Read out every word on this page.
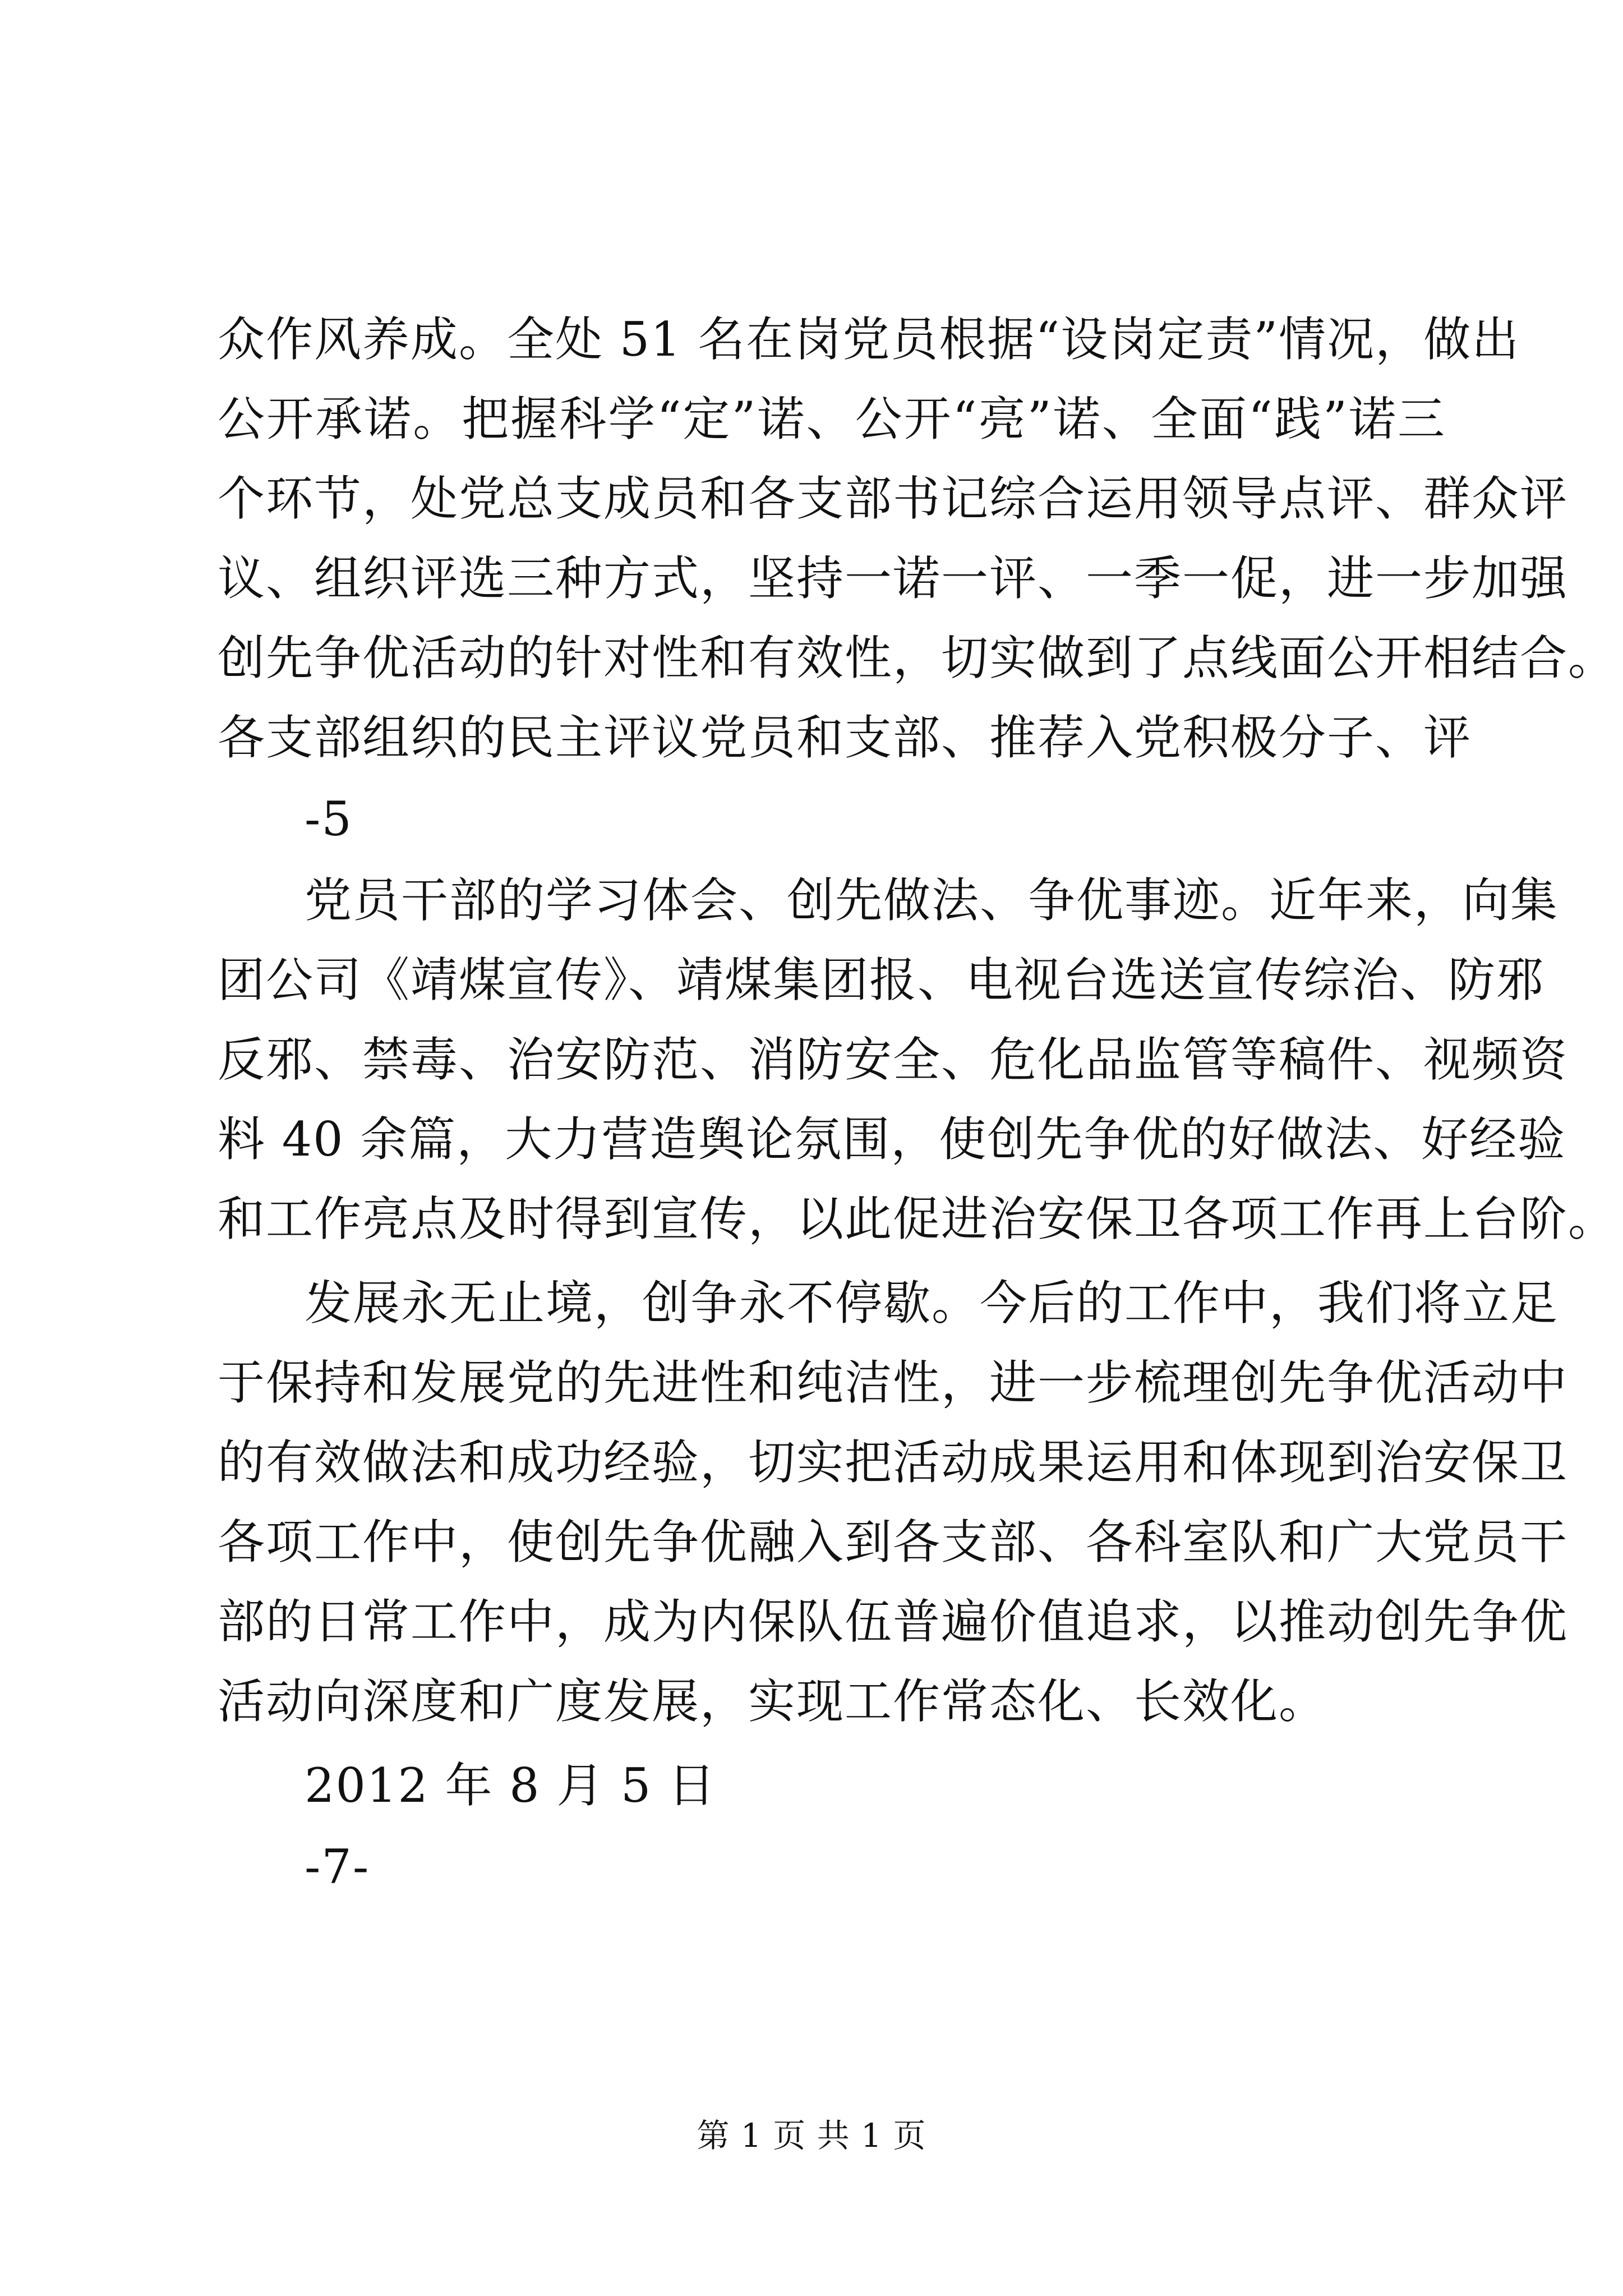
众作风养成。全处 51 名在岗党员根据“设岗定责”情况，做出
公开承诺。把握科学“定”诺、公开“亮”诺、全面“践”诺三
个环节，处党总支成员和各支部书记综合运用领导点评、群众评
议、组织评选三种方式，坚持一诺一评、一季一促，进一步加强
创先争优活动的针对性和有效性，切实做到了点线面公开相结合。
各支部组织的民主评议党员和支部、推荐入党积极分子、评
-5
党员干部的学习体会、创先做法、争优事迹。近年来，向集
团公司《靖煤宣传》、靖煤集团报、电视台选送宣传综治、防邪
反邪、禁毒、治安防范、消防安全、危化品监管等稿件、视频资
料 40 余篇，大力营造舆论氛围，使创先争优的好做法、好经验
和工作亮点及时得到宣传，以此促进治安保卫各项工作再上台阶。
发展永无止境，创争永不停歇。今后的工作中，我们将立足
于保持和发展党的先进性和纯洁性，进一步梳理创先争优活动中
的有效做法和成功经验，切实把活动成果运用和体现到治安保卫
各项工作中，使创先争优融入到各支部、各科室队和广大党员干
部的日常工作中，成为内保队伍普遍价值追求，以推动创先争优
活动向深度和广度发展，实现工作常态化、长效化。
2012 年 8 月 5 日
-7-
第 1 页 共 1 页
